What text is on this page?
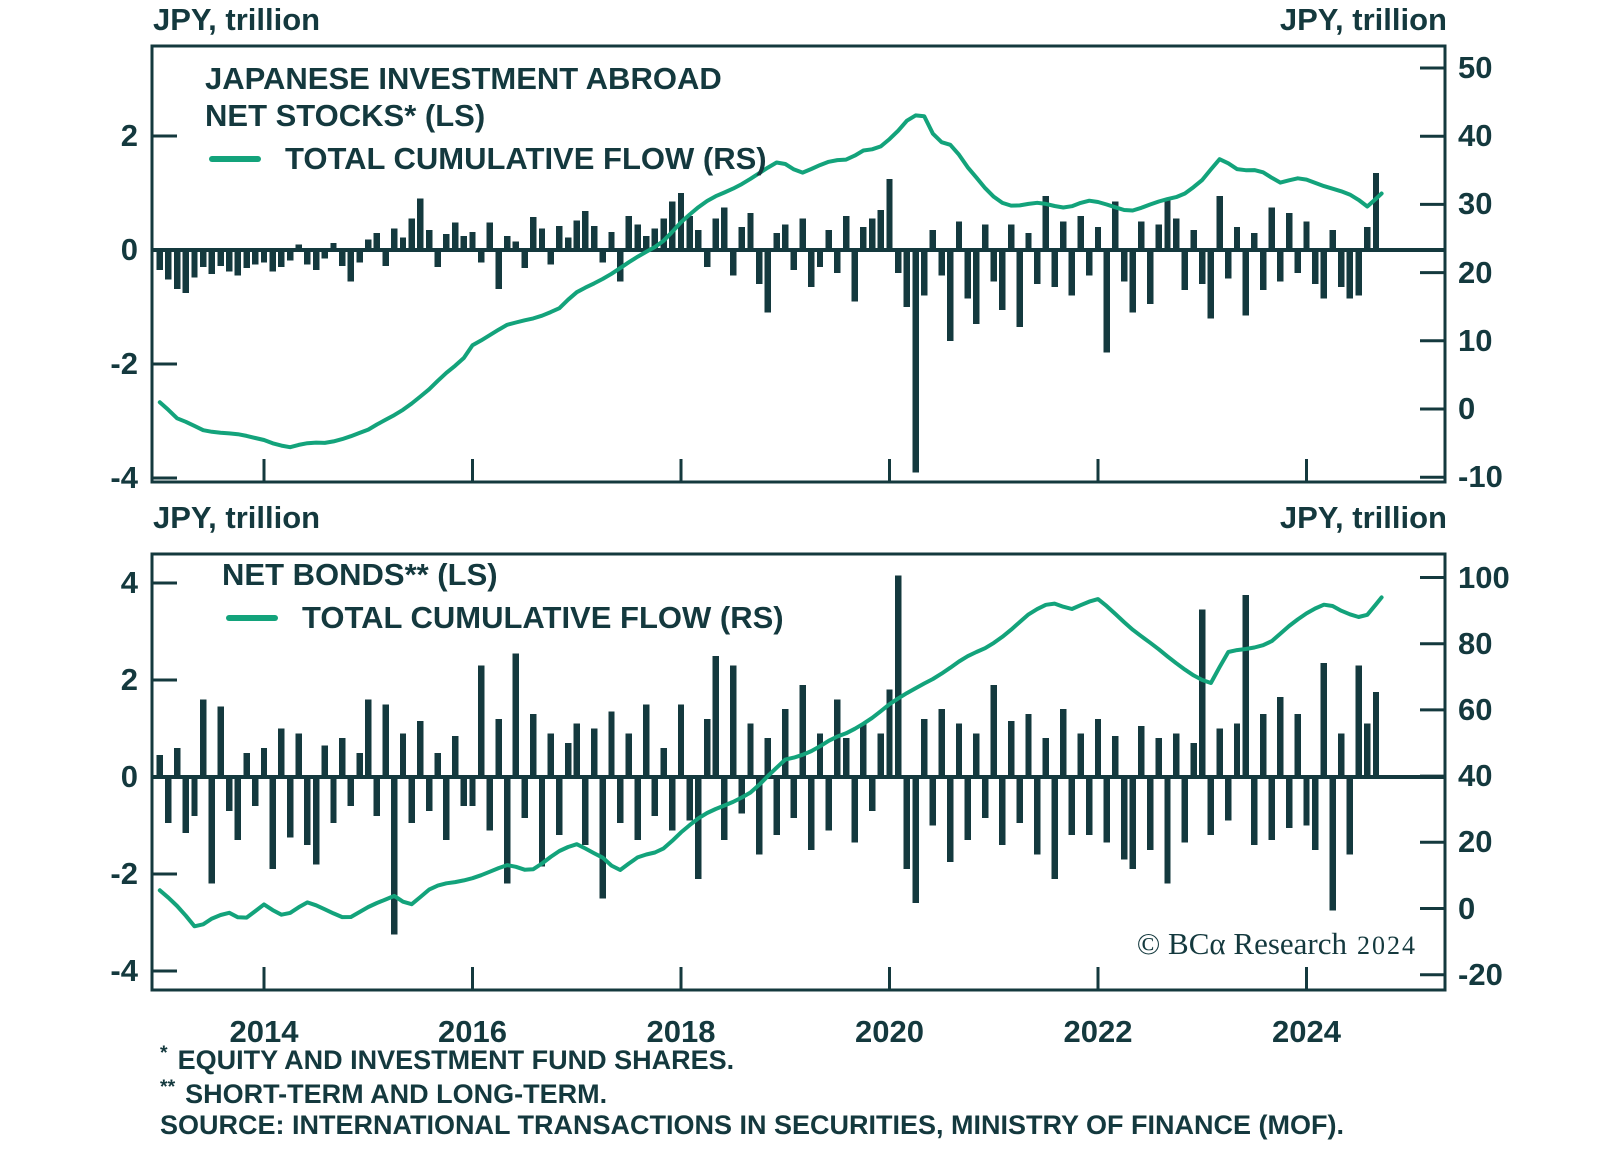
JPY, trillion	JPY, trillion
JPY, trillion	JPY, trillion
JAPANESE INVESTMENT ABROAD
NET STOCKS* (LS)
TOTAL CUMULATIVE FLOW (RS)
NET BONDS** (LS)
TOTAL CUMULATIVE FLOW (RS)
2
0
-2
-4
50
40
30
20
10
0
-10
4
2
0
-2
-4
100
80
60
40
20
0
-20
2014	2016	2018	2020	2022	2024
* EQUITY AND INVESTMENT FUND SHARES.
** SHORT-TERM AND LONG-TERM.
SOURCE: INTERNATIONAL TRANSACTIONS IN SECURITIES, MINISTRY OF FINANCE (MOF).
© BCα Research 2024
